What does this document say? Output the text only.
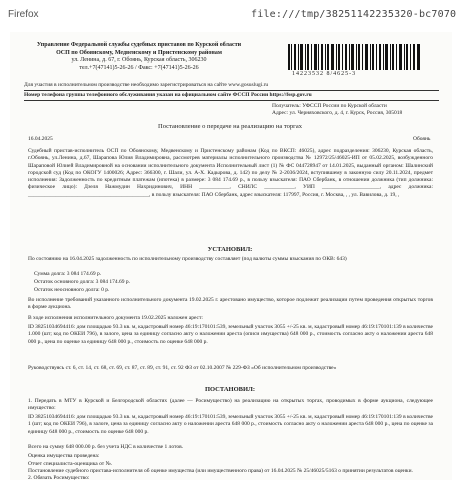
Firefox	file:///tmp/38251142235320-bc7070
Управление Федеральной службы судебных приставов по Курской области
ОСП по Обоянскому, Медвенскому и Пристенскому районам
ул. Ленина, д. 67, г. Обоянь, Курская область, 306230
тел.+7(47141)5-26-26 / Факс: +7(47141)5-26-26
14223532 8/4625-3
Для участия в исполнительном производстве необходимо зарегистрироваться на сайте www.gosuslugi.ru
Номер телефона группы телефонного обслуживания указан на официальном сайте ФССП России https://fssp.gov.ru
Получатель: УФССП России по Курской области
Адрес: ул. Черняховского, д. 4, г. Курск, Россия, 305018
Постановление о передаче на реализацию на торгах
16.04.2025	Обоянь
Судебный пристав-исполнитель ОСП по Обоянскому, Медвенскому и Пристенскому районам (Код по ВКСП: 46025), адрес подразделения: 306230, Курская область, г.Обоянь, ул.Ленина, д.67, Шарапова Юлия Владимировна, рассмотрев материалы исполнительного производства № 12972/25/46025-ИП от 05.02.2025, возбужденного Шараповой Юлией Владимировной на основании исполнительного документа Исполнительный лист (1) № ФС 044728947 от 14.01.2025, выданный органом: Шалинский городской суд (Код по ОКОГУ 1400026; Адрес: 366300, г. Шали, ул. А-Х. Кадырова, д. 142) по делу № 2-2036/2024, вступившему в законную силу 20.11.2024, предмет исполнения: Задолженность по кредитным платежам (ипотека) в размере: 3 084 174.69 р., в пользу взыскателя: ПАО Сбербанк, в отношении должника (тип должника: физическое лицо): Дзеля Нажмудин Нахридинович, ИНН ___________, СНИЛС ___________, УИП _____________________, адрес должника: ____________________________________________, в пользу взыскателя: ПАО Сбербанк, адрес взыскателя: 117997, Россия, г. Москва, , , ул. Вавилова, д. 19, ,
УСТАНОВИЛ:
По состоянию на 16.04.2025 задолженность по исполнительному производству составляет (под валюты суммы взыскания по ОКВ: 643)
Сумма долга: 3 084 174.69 р.
Остаток основного долга: 3 084 174.69 р.
Остаток неосновного долга: 0 р.
Во исполнение требований указанного исполнительного документа 19.02.2025 г. арестовано имущество, которое подлежит реализации путем проведения открытых торгов в форме аукциона.
В ходе исполнения исполнительного документа 19.02.2025 наложен арест:
ID 38251034694416: дом площадью 93.3 кв. м, кадастровый номер 46:19:170101:539, земельный участок 3055 +/-25 кв. м, кадастровый номер 46:19:170101:139 в количестве 1.000 (шт; код по ОКЕИ 796), в залоге, цена за единицу согласно акту о наложении ареста (описи имущества) 648 000 р., стоимость согласно акту о наложении ареста 648 000 р., цена по оценке за единицу 648 000 р., стоимость по оценке 648 000 р.
Руководствуясь ст. 6, ст. 14, ст. 68, ст. 69, ст. 87, ст. 89, ст. 91, ст. 92 ФЗ от 02.10.2007 № 229-ФЗ «Об исполнительном производстве»
ПОСТАНОВИЛ:
1. Передать в МТУ в Курской и Белгородской областях (далее — Росимущество) на реализацию на открытых торгах, проводимых в форме аукциона, следующее имущество:
ID 38251034694416: дом площадью 93.3 кв. м, кадастровый номер 46:19:170101:539, земельный участок 3055 +/-25 кв. м, кадастровый номер 46:19:170101:139 в количестве 1 (шт; код по ОКЕИ 796), в залоге, цена за единицу согласно акту о наложении ареста 648 000 р., стоимость согласно акту о наложении ареста 648 000 р., цена по оценке за единицу 648 000 р., стоимость по оценке 648 000 р.
Всего на сумму 648 000.00 р. без учета НДС в количестве 1 лотов.
Оценка имущества проведена:
Отчет специалиста-оценщика от №.
Постановление судебного пристава-исполнителя об оценке имущества (или имущественного права) от 16.04.2025 № 25/46025/5163 о принятии результатов оценки.
2. Обязать Росимущество:
